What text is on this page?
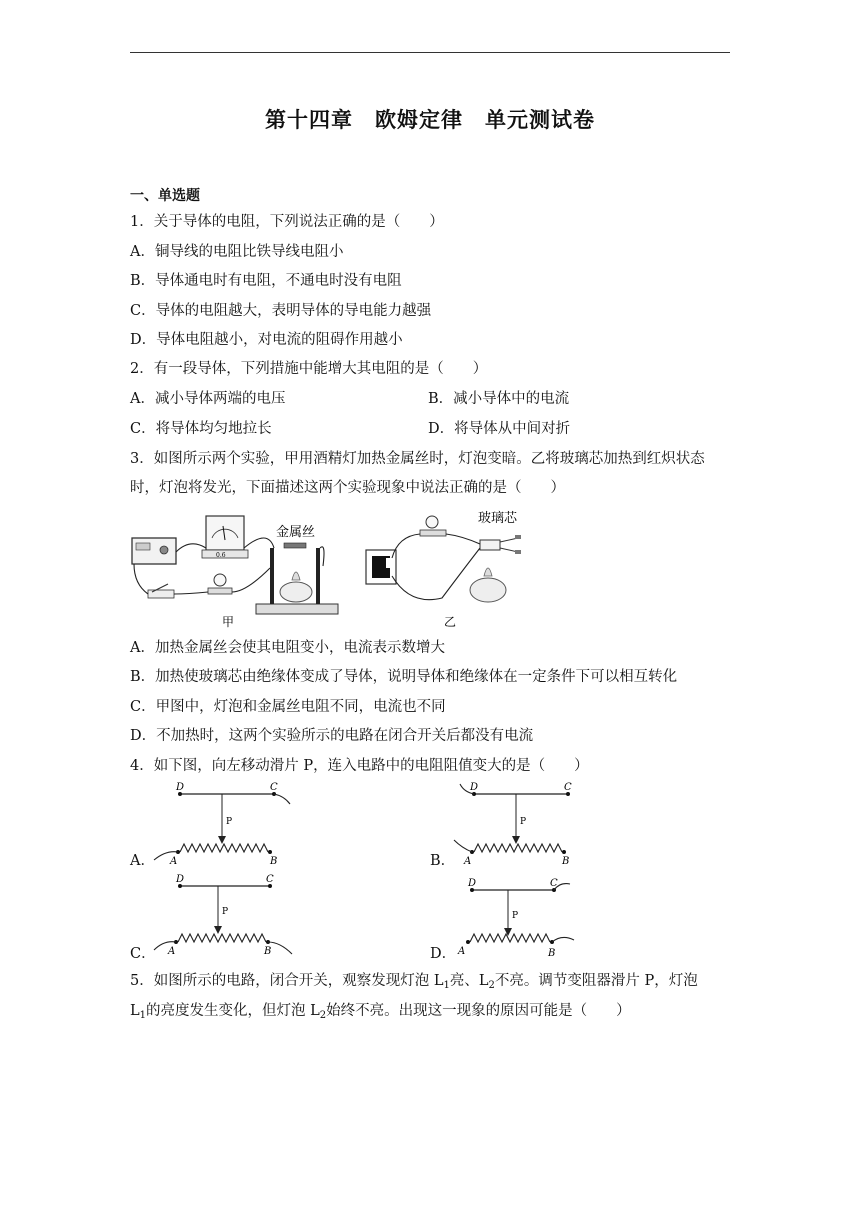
第十四章　欧姆定律　单元测试卷
一、单选题
1．关于导体的电阻，下列说法正确的是（　　）
A．铜导线的电阻比铁导线电阻小
B．导体通电时有电阻，不通电时没有电阻
C．导体的电阻越大，表明导体的导电能力越强
D．导体电阻越小，对电流的阻碍作用越小
2．有一段导体，下列措施中能增大其电阻的是（　　）
A．减小导体两端的电压	B．减小导体中的电流
C．将导体均匀地拉长	D．将导体从中间对折
3．如图所示两个实验，甲用酒精灯加热金属丝时，灯泡变暗。乙将玻璃芯加热到红炽状态
时，灯泡将发光，下面描述这两个实验现象中说法正确的是（　　）
0.6
金属丝
甲
玻璃芯
乙
A．加热金属丝会使其电阻变小，电流表示数增大
B．加热使玻璃芯由绝缘体变成了导体，说明导体和绝缘体在一定条件下可以相互转化
C．甲图中，灯泡和金属丝电阻不同，电流也不同
D．不加热时，这两个实验所示的电路在闭合开关后都没有电流
4．如下图，向左移动滑片 P，连入电路中的电阻阻值变大的是（　　）
A．	B．
C．	D．
D	C
P
A	B
D	C
P
A	B
D	C
P
A	B
D	C
P
A	B
5．如图所示的电路，闭合开关，观察发现灯泡 $L_1$亮、$L_2$不亮。调节变阻器滑片 P，灯泡
$L_1$的亮度发生变化，但灯泡 $L_2$始终不亮。出现这一现象的原因可能是（　　）
